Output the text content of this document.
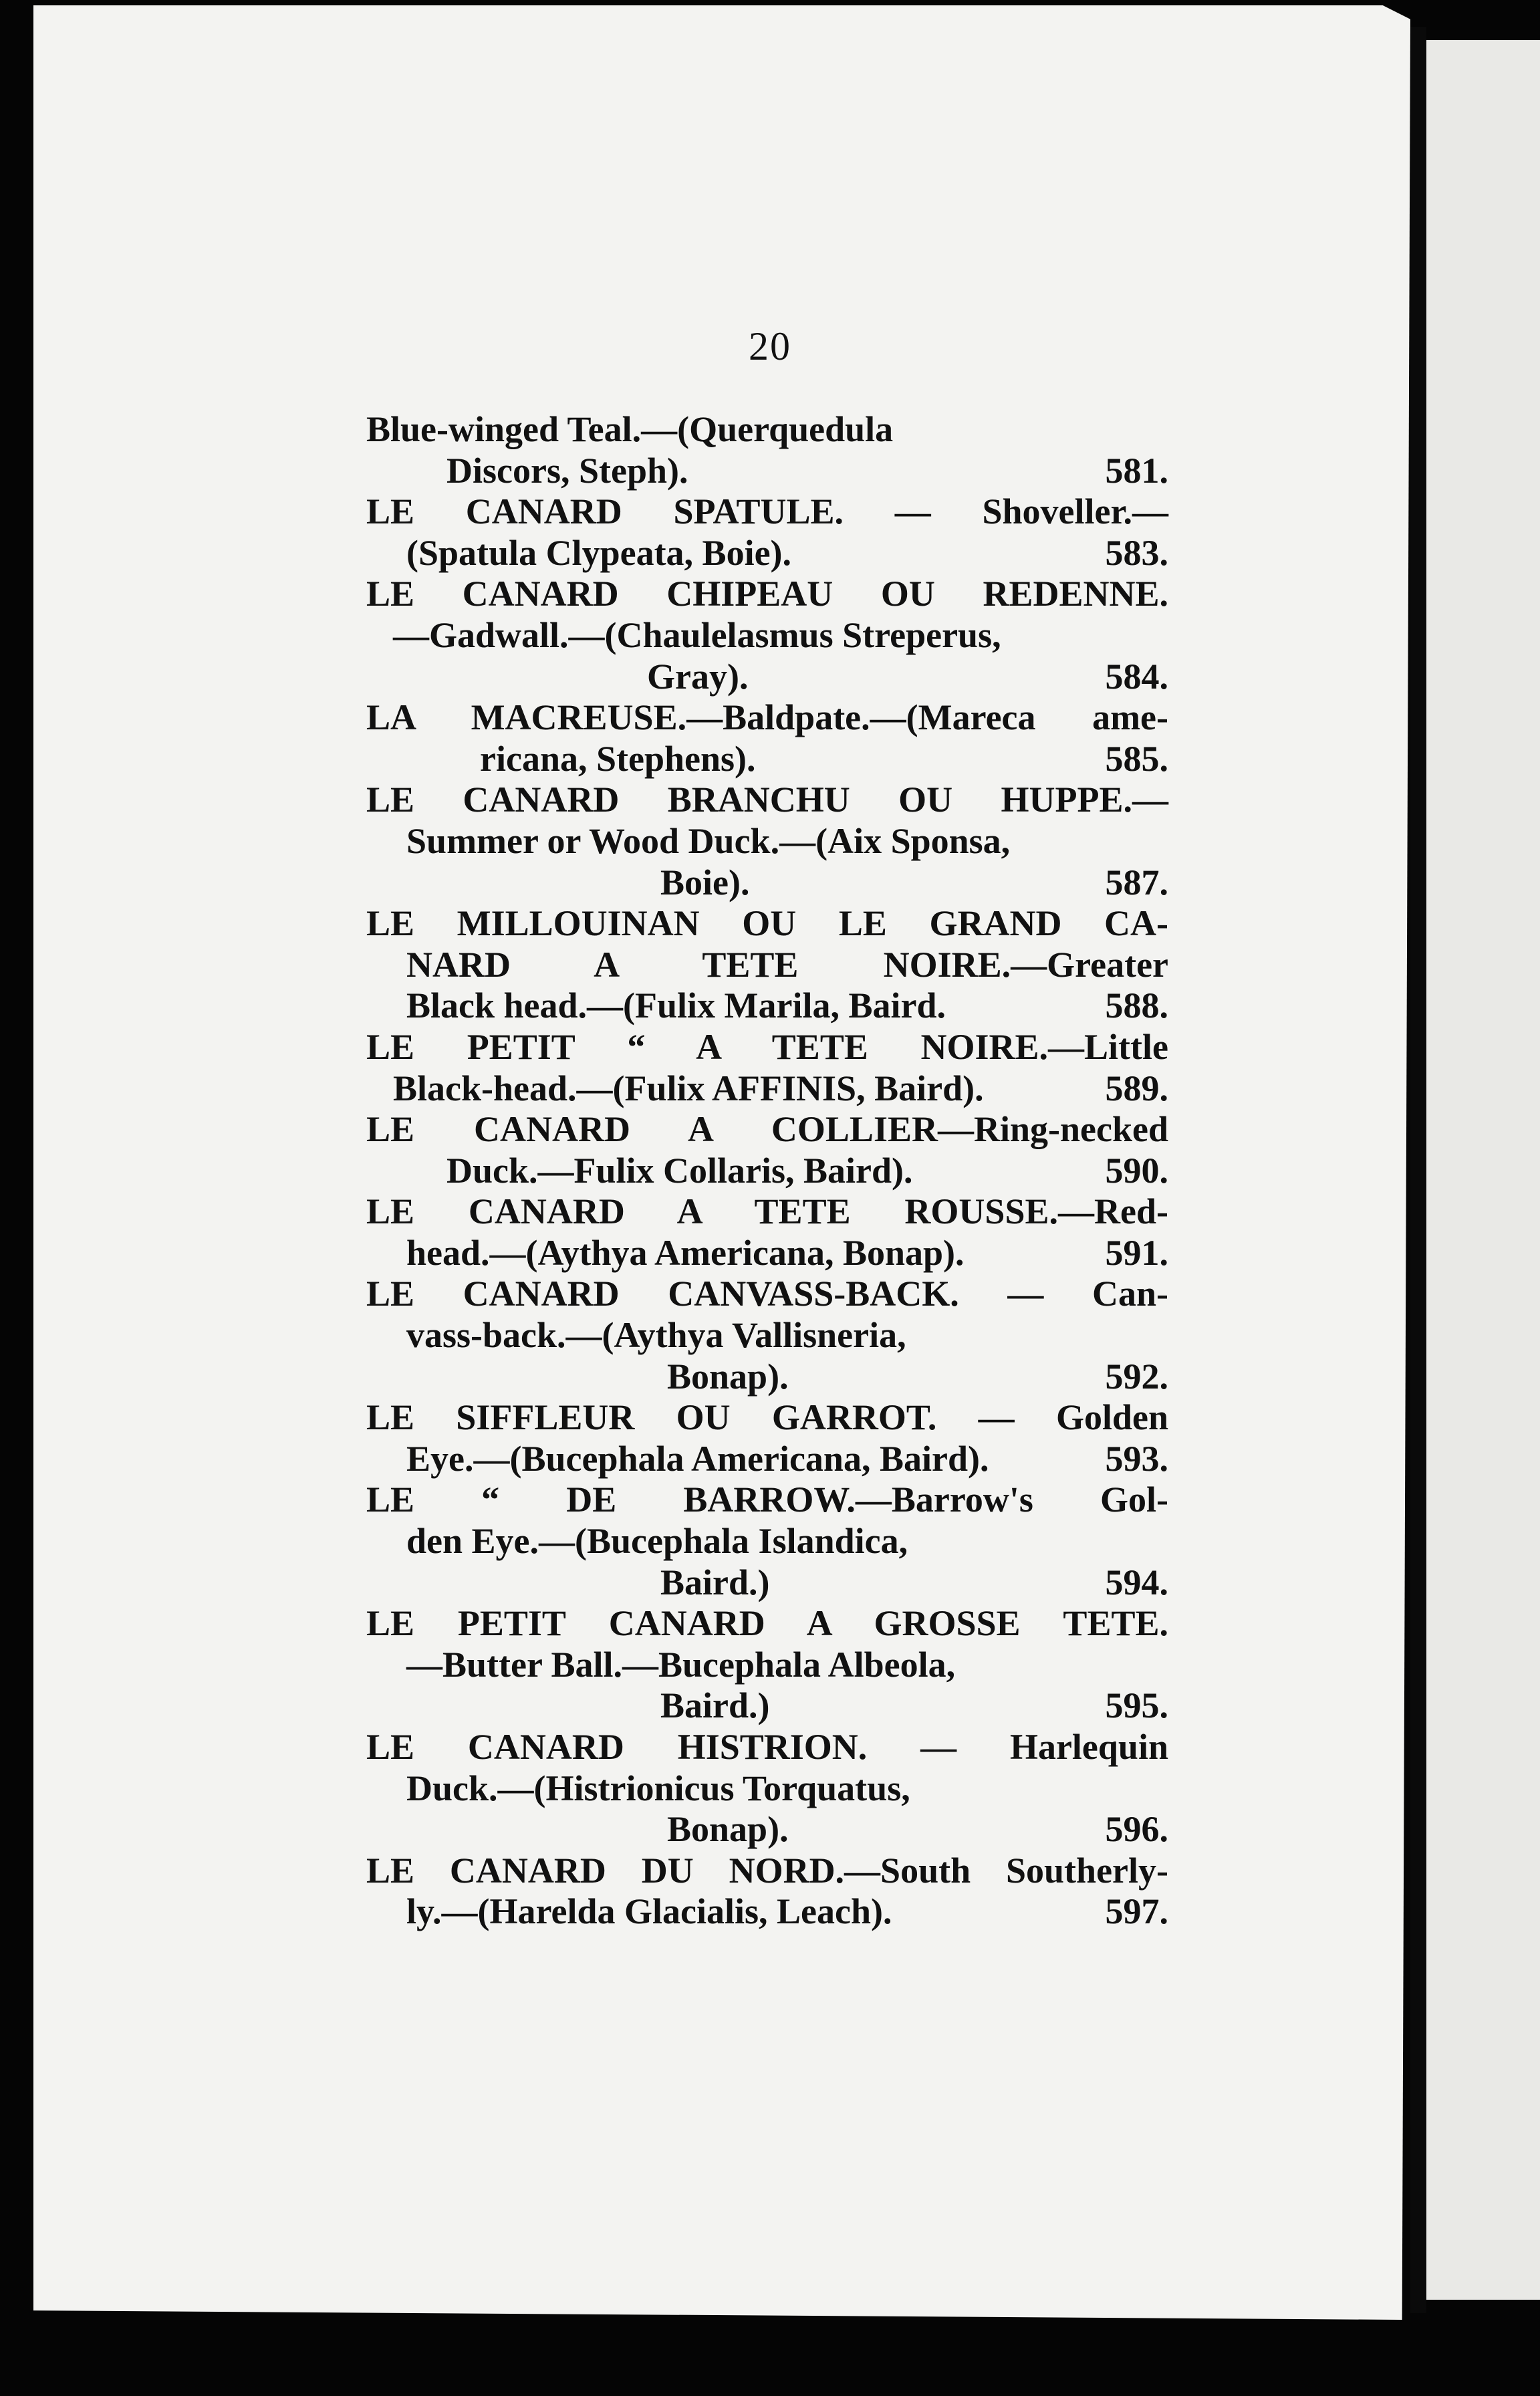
20
Blue-winged Teal.—(Querquedula
Discors, Steph).	581.
LE CANARD SPATULE. — Shoveller.—
(Spatula Clypeata, Boie).	583.
LE CANARD CHIPEAU OU REDENNE.
—Gadwall.—(Chaulelasmus Streperus,
Gray).	584.
LA MACREUSE.—Baldpate.—(Mareca ame-
ricana, Stephens).	585.
LE CANARD BRANCHU OU HUPPE.—
Summer or Wood Duck.—(Aix Sponsa,
Boie).	587.
LE MILLOUINAN OU LE GRAND CA-
NARD A TETE NOIRE.—Greater
Black head.—(Fulix Marila, Baird.	588.
LE PETIT “ A TETE NOIRE.—Little
Black-head.—(Fulix AFFINIS, Baird).	589.
LE CANARD A COLLIER—Ring-necked
Duck.—Fulix Collaris, Baird).	590.
LE CANARD A TETE ROUSSE.—Red-
head.—(Aythya Americana, Bonap).	591.
LE CANARD CANVASS-BACK. — Can-
vass-back.—(Aythya Vallisneria,
Bonap).	592.
LE SIFFLEUR OU GARROT. — Golden
Eye.—(Bucephala Americana, Baird).	593.
LE “ DE BARROW.—Barrow's Gol-
den Eye.—(Bucephala Islandica,
Baird.)	594.
LE PETIT CANARD A GROSSE TETE.
—Butter Ball.—Bucephala Albeola,
Baird.)	595.
LE CANARD HISTRION. — Harlequin
Duck.—(Histrionicus Torquatus,
Bonap).	596.
LE CANARD DU NORD.—South Southerly-
ly.—(Harelda Glacialis, Leach).	597.
